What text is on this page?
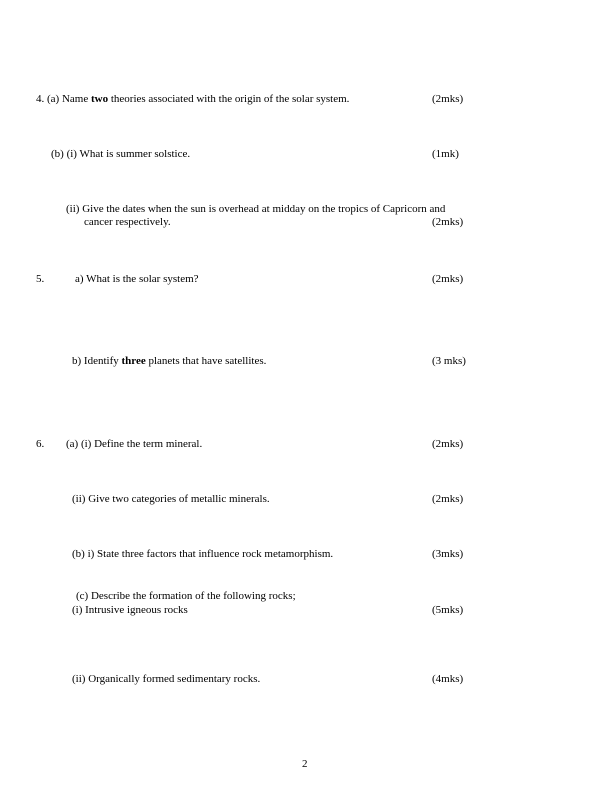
4. (a) Name two theories associated with the origin of the solar system.	(2mks)
(b) (i) What is summer solstice.	(1mk)
(ii) Give the dates when the sun is overhead at midday on the tropics of Capricorn and
cancer respectively.	(2mks)
5.	a) What is the solar system?	(2mks)
b) Identify three planets that have satellites.	(3 mks)
6. (a) (i) Define the term mineral.	(2mks)
(ii) Give two categories of metallic minerals.	(2mks)
(b) i) State three factors that influence rock metamorphism.	(3mks)
(c) Describe the formation of the following rocks;
(i) Intrusive igneous rocks	(5mks)
(ii) Organically formed sedimentary rocks.	(4mks)
2
